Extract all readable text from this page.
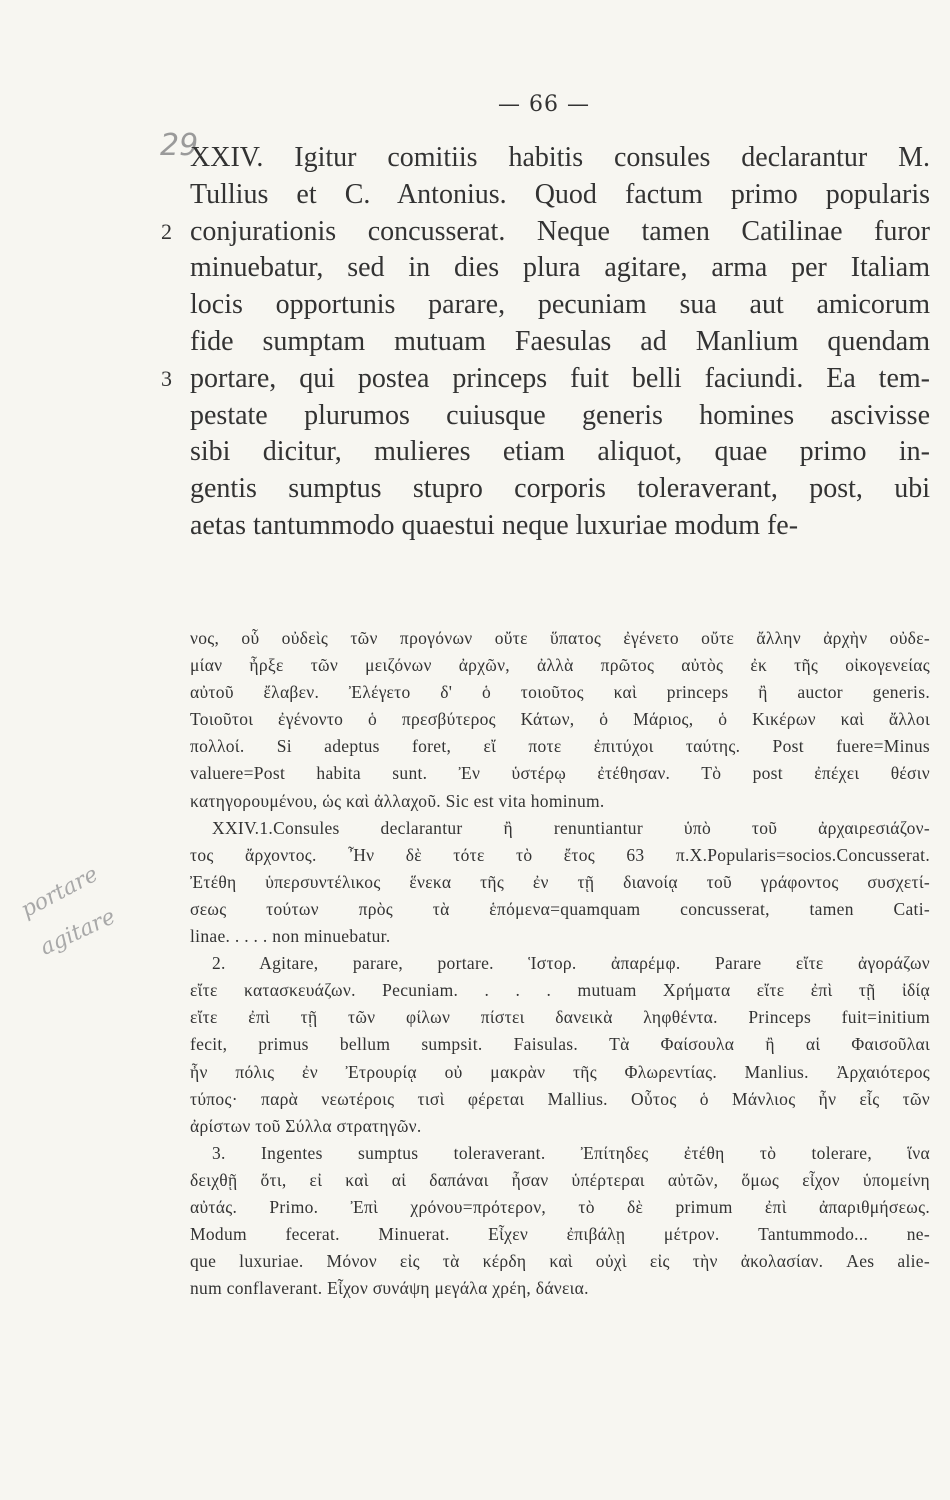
— 66 —
29
XXIV. Igitur comitiis habitis consules declarantur M.
Tullius et C. Antonius. Quod factum primo popularis
conjurationis concusserat. Neque tamen Catilinae furor
2
minuebatur, sed in dies plura agitare, arma per Italiam
locis opportunis parare, pecuniam sua aut amicorum
fide sumptam mutuam Faesulas ad Manlium quendam
portare, qui postea princeps fuit belli faciundi. Ea tem-
3
pestate plurumos cuiusque generis homines ascivisse
sibi dicitur, mulieres etiam aliquot, quae primo in-
gentis sumptus stupro corporis toleraverant, post, ubi
aetas tantummodo quaestui neque luxuriae modum fe-
νος, οὗ οὐδεὶς τῶν προγόνων οὔτε ὕπατος ἐγένετο οὔτε ἄλλην ἀρχὴν οὐδε-
μίαν ἦρξε τῶν μειζόνων ἀρχῶν, ἀλλὰ πρῶτος αὐτὸς ἐκ τῆς οἰκογενείας
αὐτοῦ ἔλαβεν. Ἐλέγετο δ' ὁ τοιοῦτος καὶ princeps ἢ auctor generis.
Τοιοῦτοι ἐγένοντο ὁ πρεσβύτερος Κάτων, ὁ Μάριος, ὁ Κικέρων καὶ ἄλλοι
πολλοί. Si adeptus foret, εἴ ποτε ἐπιτύχοι ταύτης. Post fuere=Minus
valuere=Post habita sunt. Ἐν ὑστέρῳ ἐτέθησαν. Τὸ post ἐπέχει θέσιν
κατηγορουμένου, ὡς καὶ ἀλλαχοῦ. Sic est vita hominum.
XXIV.1.Consules declarantur ἢ renuntiantur ὑπὸ τοῦ ἀρχαιρεσιάζον-
τος ἄρχοντος. Ἦν δὲ τότε τὸ ἔτος 63 π.Χ.Popularis=socios.Concusserat.
Ἐτέθη ὑπερσυντέλικος ἕνεκα τῆς ἐν τῇ διανοίᾳ τοῦ γράφοντος συσχετί-
σεως τούτων πρὸς τὰ ἑπόμενα=quamquam concusserat, tamen Cati-
linae. . . . . non minuebatur.
2. Agitare, parare, portare. Ἱστορ. ἀπαρέμφ. Parare εἴτε ἀγοράζων
εἴτε κατασκευάζων. Pecuniam. . . . mutuam Χρήματα εἴτε ἐπὶ τῇ ἰδίᾳ
εἴτε ἐπὶ τῇ τῶν φίλων πίστει δανεικὰ ληφθέντα. Princeps fuit=initium
fecit, primus bellum sumpsit. Faisulas. Τὰ Φαίσουλα ἢ αἱ Φαισοῦλαι
ἦν πόλις ἐν Ἐτρουρίᾳ οὐ μακρὰν τῆς Φλωρεντίας. Manlius. Ἀρχαιότερος
τύπος· παρὰ νεωτέροις τισὶ φέρεται Mallius. Οὗτος ὁ Μάνλιος ἦν εἷς τῶν
ἀρίστων τοῦ Σύλλα στρατηγῶν.
3. Ingentes sumptus toleraverant. Ἐπίτηδες ἐτέθη τὸ tolerare, ἵνα
δειχθῇ ὅτι, εἰ καὶ αἱ δαπάναι ἦσαν ὑπέρτεραι αὐτῶν, ὅμως εἶχον ὑπομείνη
αὐτάς. Primo. Ἐπὶ χρόνου=πρότερον, τὸ δὲ primum ἐπὶ ἀπαριθμήσεως.
Modum fecerat. Minuerat. Εἶχεν ἐπιβάλῃ μέτρον. Tantummodo... ne-
que luxuriae. Μόνον εἰς τὰ κέρδη καὶ οὐχὶ εἰς τὴν ἀκολασίαν. Aes alie-
num conflaverant. Εἶχον συνάψη μεγάλα χρέη, δάνεια.
portare
agitare
